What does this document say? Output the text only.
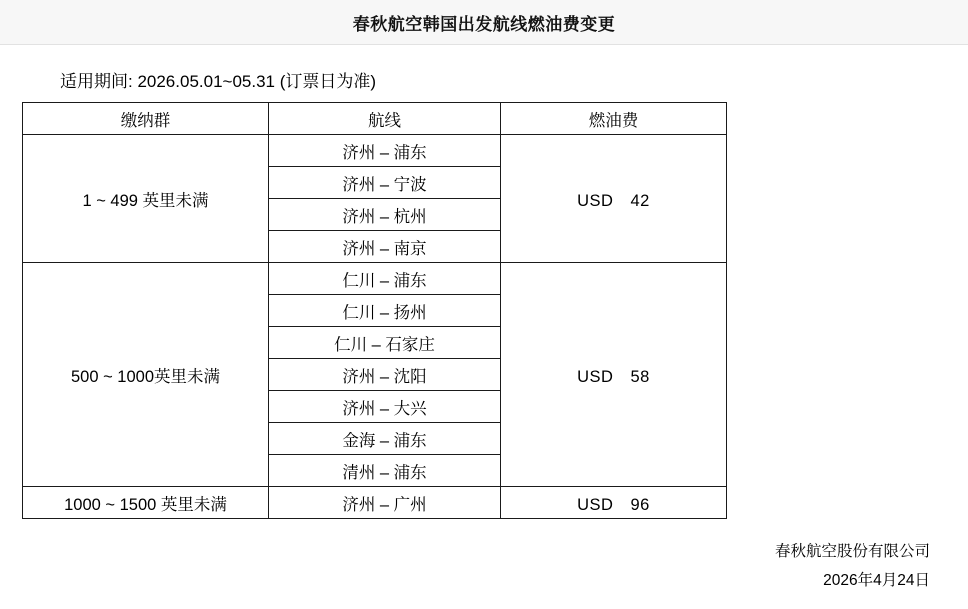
春秋航空韩国出发航线燃油费变更
适用期间: 2026.05.01~05.31 (订票日为准)
缴纳群	航线	燃油费
1 ~ 499 英里未满	济州 – 浦东	USD　42
	济州 – 宁波	
	济州 – 杭州	
	济州 – 南京	
500 ~ 1000英里未满	仁川 – 浦东	USD　58
	仁川 – 扬州	
	仁川 – 石家庄	
	济州 – 沈阳	
	济州 – 大兴	
	金海 – 浦东	
	清州 – 浦东	
1000 ~ 1500 英里未满	济州 – 广州	USD　96
春秋航空股份有限公司
2026年4月24日
